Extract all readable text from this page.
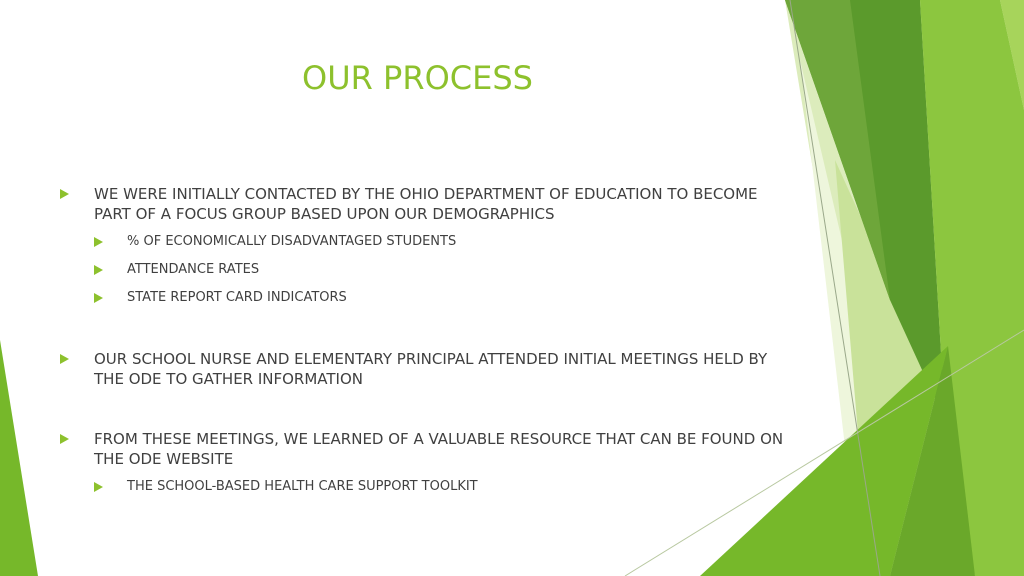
OUR PROCESS
WE WERE INITIALLY CONTACTED BY THE OHIO DEPARTMENT OF EDUCATION TO BECOME PART OF A FOCUS GROUP BASED UPON OUR DEMOGRAPHICS
% OF ECONOMICALLY DISADVANTAGED STUDENTS
ATTENDANCE RATES
STATE REPORT CARD INDICATORS
OUR SCHOOL NURSE AND ELEMENTARY PRINCIPAL ATTENDED INITIAL MEETINGS HELD BY THE ODE TO GATHER INFORMATION
FROM THESE MEETINGS, WE LEARNED OF A VALUABLE RESOURCE THAT CAN BE FOUND ON THE ODE WEBSITE
THE SCHOOL-BASED HEALTH CARE SUPPORT TOOLKIT
